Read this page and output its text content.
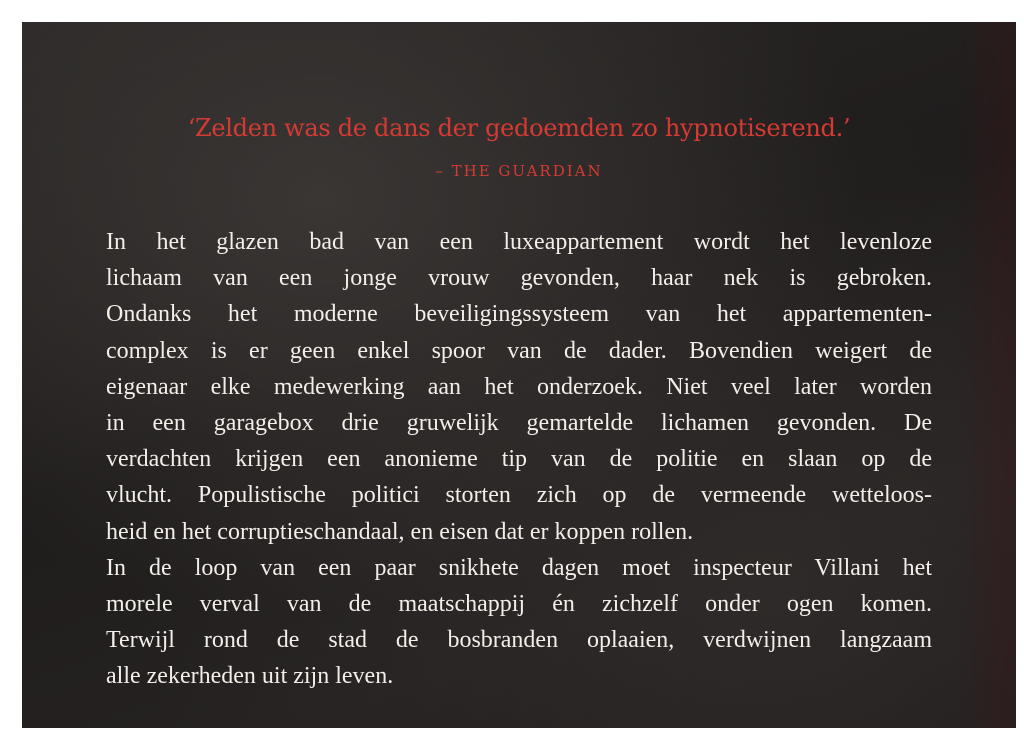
‘Zelden was de dans der gedoemden zo hypnotiserend.’
– THE GUARDIAN

In het glazen bad van een luxeappartement wordt het levenloze
lichaam van een jonge vrouw gevonden, haar nek is gebroken.
Ondanks het moderne beveiligingssysteem van het appartementen-
complex is er geen enkel spoor van de dader. Bovendien weigert de
eigenaar elke medewerking aan het onderzoek. Niet veel later worden
in een garagebox drie gruwelijk gemartelde lichamen gevonden. De
verdachten krijgen een anonieme tip van de politie en slaan op de
vlucht. Populistische politici storten zich op de vermeende wetteloos-
heid en het corruptieschandaal, en eisen dat er koppen rollen.

In de loop van een paar snikhete dagen moet inspecteur Villani het
morele verval van de maatschappij én zichzelf onder ogen komen.
Terwijl rond de stad de bosbranden oplaaien, verdwijnen langzaam
alle zekerheden uit zijn leven.
